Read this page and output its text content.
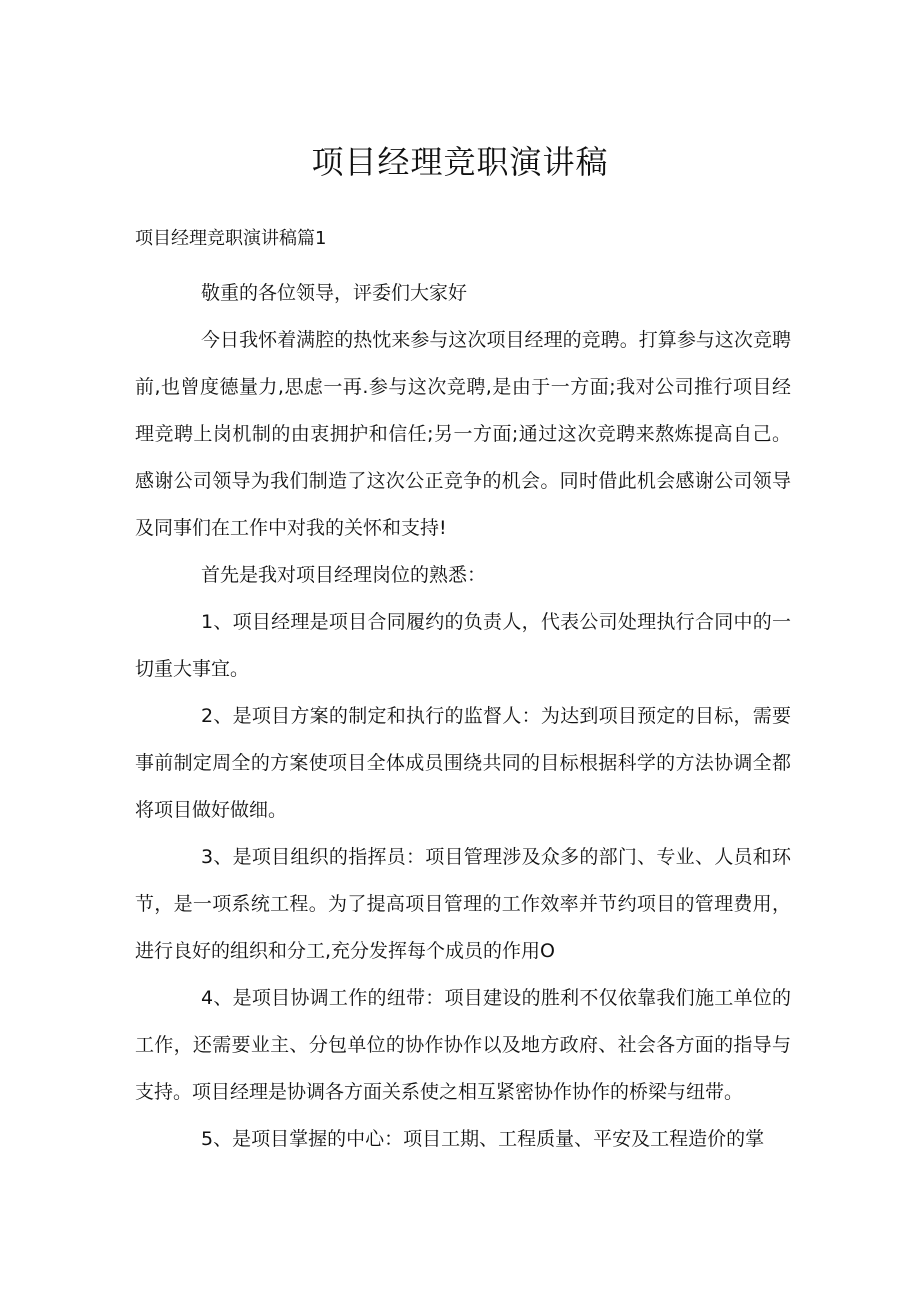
项目经理竞职演讲稿

项目经理竞职演讲稿篇1

敬重的各位领导，评委们大家好

今日我怀着满腔的热忱来参与这次项目经理的竞聘。打算参与这次竞聘前,也曾度德量力,思虑一再.参与这次竞聘,是由于一方面;我对公司推行项目经理竞聘上岗机制的由衷拥护和信任;另一方面;通过这次竞聘来熬炼提高自己。感谢公司领导为我们制造了这次公正竞争的机会。同时借此机会感谢公司领导及同事们在工作中对我的关怀和支持!

首先是我对项目经理岗位的熟悉：

1、项目经理是项目合同履约的负责人，代表公司处理执行合同中的一切重大事宜。

2、是项目方案的制定和执行的监督人：为达到项目预定的目标，需要事前制定周全的方案使项目全体成员围绕共同的目标根据科学的方法协调全都将项目做好做细。

3、是项目组织的指挥员：项目管理涉及众多的部门、专业、人员和环节，是一项系统工程。为了提高项目管理的工作效率并节约项目的管理费用，进行良好的组织和分工,充分发挥每个成员的作用O

4、是项目协调工作的纽带：项目建设的胜利不仅依靠我们施工单位的工作，还需要业主、分包单位的协作协作以及地方政府、社会各方面的指导与支持。项目经理是协调各方面关系使之相互紧密协作协作的桥梁与纽带。

5、是项目掌握的中心：项目工期、工程质量、平安及工程造价的掌
